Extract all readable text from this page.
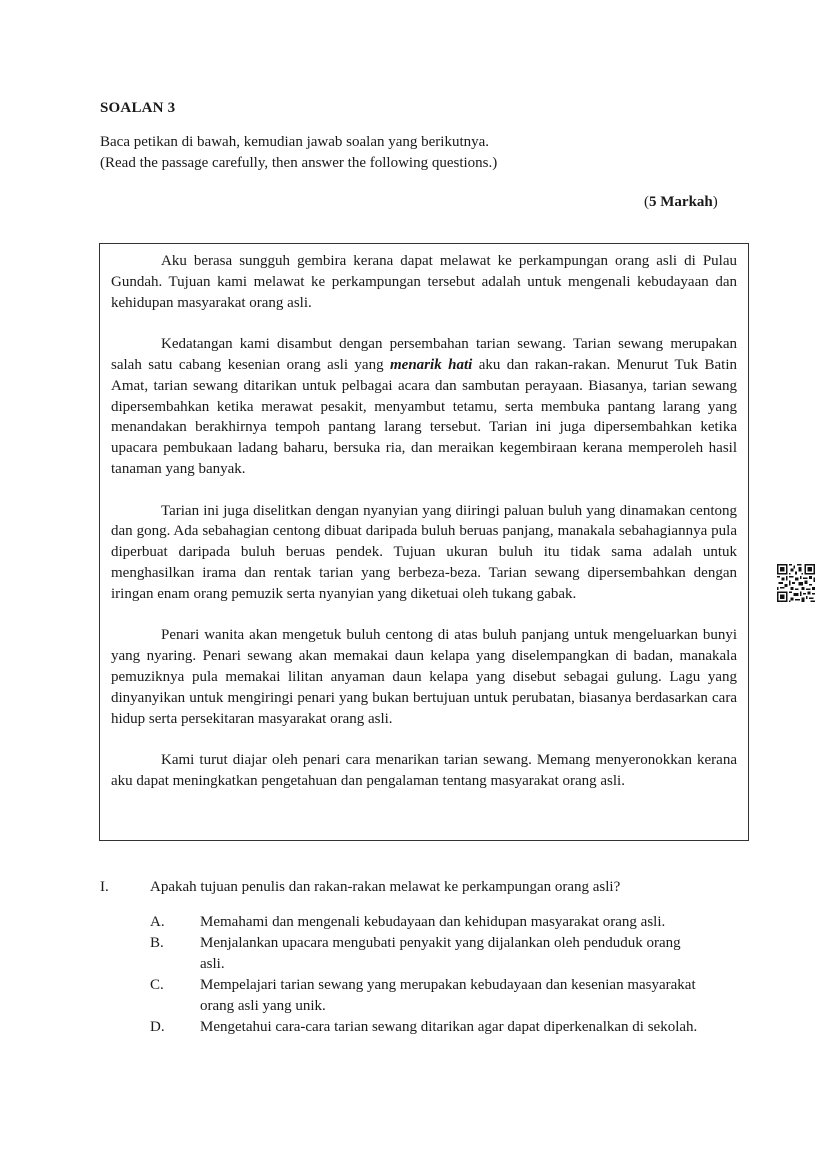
SOALAN 3
Baca petikan di bawah, kemudian jawab soalan yang berikutnya.
(Read the passage carefully, then answer the following questions.)
(5 Markah)

Aku berasa sungguh gembira kerana dapat melawat ke perkampungan orang asli di Pulau Gundah. Tujuan kami melawat ke perkampungan tersebut adalah untuk mengenali kebudayaan dan kehidupan masyarakat orang asli.

Kedatangan kami disambut dengan persembahan tarian sewang. Tarian sewang merupakan salah satu cabang kesenian orang asli yang menarik hati aku dan rakan-rakan. Menurut Tuk Batin Amat, tarian sewang ditarikan untuk pelbagai acara dan sambutan perayaan. Biasanya, tarian sewang dipersembahkan ketika merawat pesakit, menyambut tetamu, serta membuka pantang larang yang menandakan berakhirnya tempoh pantang larang tersebut. Tarian ini juga dipersembahkan ketika upacara pembukaan ladang baharu, bersuka ria, dan meraikan kegembiraan kerana memperoleh hasil tanaman yang banyak.

Tarian ini juga diselitkan dengan nyanyian yang diiringi paluan buluh yang dinamakan centong dan gong. Ada sebahagian centong dibuat daripada buluh beruas panjang, manakala sebahagiannya pula diperbuat daripada buluh beruas pendek. Tujuan ukuran buluh itu tidak sama adalah untuk menghasilkan irama dan rentak tarian yang berbeza-beza. Tarian sewang dipersembahkan dengan iringan enam orang pemuzik serta nyanyian yang diketuai oleh tukang gabak.

Penari wanita akan mengetuk buluh centong di atas buluh panjang untuk mengeluarkan bunyi yang nyaring. Penari sewang akan memakai daun kelapa yang diselempangkan di badan, manakala pemuziknya pula memakai lilitan anyaman daun kelapa yang disebut sebagai gulung. Lagu yang dinyanyikan untuk mengiringi penari yang bukan bertujuan untuk perubatan, biasanya berdasarkan cara hidup serta persekitaran masyarakat orang asli.

Kami turut diajar oleh penari cara menarikan tarian sewang. Memang menyeronokkan kerana aku dapat meningkatkan pengetahuan dan pengalaman tentang masyarakat orang asli.

I.	Apakah tujuan penulis dan rakan-rakan melawat ke perkampungan orang asli?
A. Memahami dan mengenali kebudayaan dan kehidupan masyarakat orang asli.
B. Menjalankan upacara mengubati penyakit yang dijalankan oleh penduduk orang asli.
C. Mempelajari tarian sewang yang merupakan kebudayaan dan kesenian masyarakat orang asli yang unik.
D. Mengetahui cara-cara tarian sewang ditarikan agar dapat diperkenalkan di sekolah.
